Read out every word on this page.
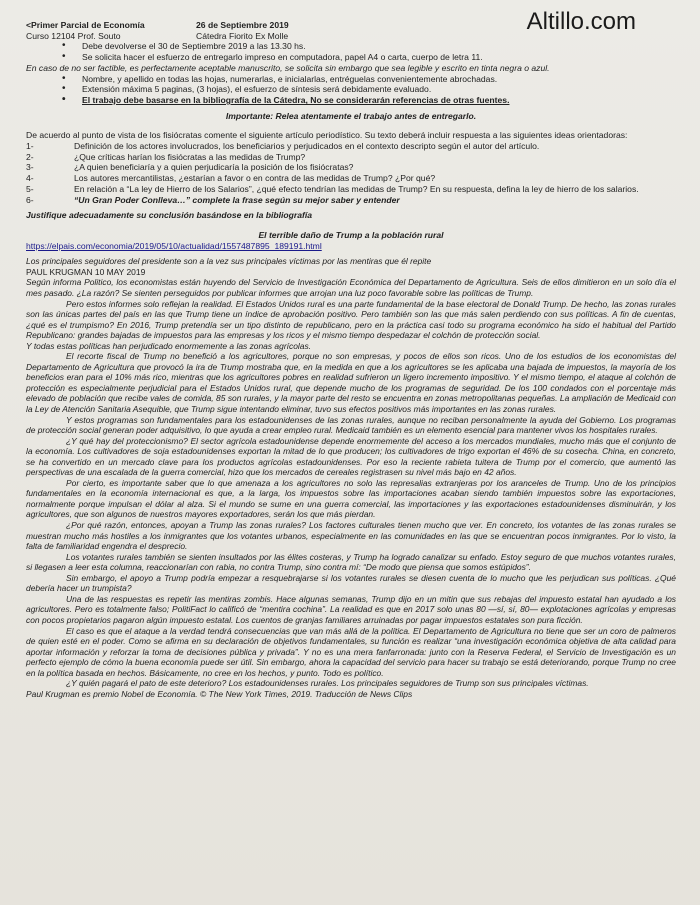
Altillo.com
<Primer Parcial de Economía	26 de Septiembre 2019
Curso 12104 Prof. Souto	Cátedra Fiorito Ex Molle
• Debe devolverse el 30 de Septiembre 2019 a las 13.30 hs.
• Se solicita hacer el esfuerzo de entregarlo impreso en computadora, papel A4 o carta, cuerpo de letra 11.
En caso de no ser factible, es perfectamente aceptable manuscrito, se solicita sin embargo que sea legible y escrito en tinta negra o azul.
• Nombre, y apellido en todas las hojas, numerarlas, e inicialarlas, entréguelas convenientemente abrochadas.
• Extensión máxima 5 paginas, (3 hojas), el esfuerzo de síntesis será debidamente evaluado.
• El trabajo debe basarse en la bibliografía de la Cátedra, No se considerarán referencias de otras fuentes.
Importante: Relea atentamente el trabajo antes de entregarlo.
De acuerdo al punto de vista de los fisiócratas comente el siguiente artículo periodístico. Su texto deberá incluir respuesta a las siguientes ideas orientadoras:
1-	Definición de los actores involucrados, los beneficiarios y perjudicados en el contexto descripto según el autor del artículo.
2-	¿Que críticas harían los fisiócratas a las medidas de Trump?
3-	¿A quien beneficiaría y a quien perjudicaría la posición de los fisiócratas?
4-	Los autores mercantilistas, ¿estarían a favor o en contra de las medidas de Trump? ¿Por qué?
5-	En relación a “La ley de Hierro de los Salarios”, ¿qué efecto tendrían las medidas de Trump? En su respuesta, defina la ley de hierro de los salarios.
6-	“Un Gran Poder Conlleva…” complete la frase según su mejor saber y entender
Justifique adecuadamente su conclusión basándose en la bibliografía
El terrible daño de Trump a la población rural
https://elpais.com/economia/2019/05/10/actualidad/1557487895_189191.html
Los principales seguidores del presidente son a la vez sus principales víctimas por las mentiras que él repite
PAUL KRUGMAN 10 MAY 2019
Según informa Politico, los economistas están huyendo del Servicio de Investigación Económica del Departamento de Agricultura. Seis de ellos dimitieron en un solo día el mes pasado. ¿La razón? Se sienten perseguidos por publicar informes que arrojan una luz poco favorable sobre las políticas de Trump.
Pero estos informes solo reflejan la realidad. El Estados Unidos rural es una parte fundamental de la base electoral de Donald Trump. De hecho, las zonas rurales son las únicas partes del país en las que Trump tiene un índice de aprobación positivo. Pero también son las que más salen perdiendo con sus políticas. A fin de cuentas, ¿qué es el trumpismo? En 2016, Trump pretendía ser un tipo distinto de republicano, pero en la práctica casi todo su programa económico ha sido el habitual del Partido Republicano: grandes bajadas de impuestos para las empresas y los ricos y el mismo tiempo despedazar el colchón de protección social.
Y todas estas políticas han perjudicado enormemente a las zonas agrícolas.
El recorte fiscal de Trump no benefició a los agricultores, porque no son empresas, y pocos de ellos son ricos. Uno de los estudios de los economistas del Departamento de Agricultura que provocó la ira de Trump mostraba que, en la medida en que a los agricultores se les aplicaba una bajada de impuestos, la mayoría de los beneficios eran para el 10% más rico, mientras que los agricultores pobres en realidad sufrieron un ligero incremento impositivo. Y el mismo tiempo, el ataque al colchón de protección es especialmente perjudicial para el Estados Unidos rural, que depende mucho de los programas de seguridad. De los 100 condados con el porcentaje más elevado de población que recibe vales de comida, 85 son rurales, y la mayor parte del resto se encuentra en zonas metropolitanas pequeñas. La ampliación de Medicaid con la Ley de Atención Sanitaria Asequible, que Trump sigue intentando eliminar, tuvo sus efectos positivos más importantes en las zonas rurales.
Y estos programas son fundamentales para los estadounidenses de las zonas rurales, aunque no reciban personalmente la ayuda del Gobierno. Los programas de protección social generan poder adquisitivo, lo que ayuda a crear empleo rural. Medicaid también es un elemento esencial para mantener vivos los hospitales rurales.
¿Y qué hay del proteccionismo? El sector agrícola estadounidense depende enormemente del acceso a los mercados mundiales, mucho más que el conjunto de la economía. Los cultivadores de soja estadounidenses exportan la mitad de lo que producen; los cultivadores de trigo exportan el 46% de su cosecha. China, en concreto, se ha convertido en un mercado clave para los productos agrícolas estadounidenses. Por eso la reciente rabieta tuitera de Trump por el comercio, que aumentó las perspectivas de una escalada de la guerra comercial, hizo que los mercados de cereales registrasen su nivel más bajo en 42 años.
Por cierto, es importante saber que lo que amenaza a los agricultores no solo las represalias extranjeras por los aranceles de Trump. Uno de los principios fundamentales en la economía internacional es que, a la larga, los impuestos sobre las importaciones acaban siendo también impuestos sobre las exportaciones, normalmente porque impulsan el dólar al alza. Si el mundo se sume en una guerra comercial, las importaciones y las exportaciones estadounidenses disminuirán, y los agricultores, que son algunos de nuestros mayores exportadores, serán los que más pierdan.
¿Por qué razón, entonces, apoyan a Trump las zonas rurales? Los factores culturales tienen mucho que ver. En concreto, los votantes de las zonas rurales se muestran mucho más hostiles a los inmigrantes que los votantes urbanos, especialmente en las comunidades en las que se encuentran pocos inmigrantes. Por lo visto, la falta de familiaridad engendra el desprecio.
Los votantes rurales también se sienten insultados por las élites costeras, y Trump ha logrado canalizar su enfado. Estoy seguro de que muchos votantes rurales, si llegasen a leer esta columna, reaccionarían con rabia, no contra Trump, sino contra mí: “De modo que piensa que somos estúpidos”.
Sin embargo, el apoyo a Trump podría empezar a resquebrajarse si los votantes rurales se diesen cuenta de lo mucho que les perjudican sus políticas. ¿Qué debería hacer un trumpista?
Una de las respuestas es repetir las mentiras zombis. Hace algunas semanas, Trump dijo en un mitin que sus rebajas del impuesto estatal han ayudado a los agricultores. Pero es totalmente falso; PolitiFact lo calificó de “mentira cochina”. La realidad es que en 2017 solo unas 80 —sí, sí, 80— explotaciones agrícolas y empresas con pocos propietarios pagaron algún impuesto estatal. Los cuentos de granjas familiares arruinadas por pagar impuestos estatales son pura ficción.
El caso es que el ataque a la verdad tendrá consecuencias que van más allá de la política. El Departamento de Agricultura no tiene que ser un coro de palmeros de quien esté en el poder. Como se afirma en su declaración de objetivos fundamentales, su función es realizar “una investigación económica objetiva de alta calidad para aportar información y reforzar la toma de decisiones pública y privada”. Y no es una mera fanfarronada: junto con la Reserva Federal, el Servicio de Investigación es un perfecto ejemplo de cómo la buena economía puede ser útil. Sin embargo, ahora la capacidad del servicio para hacer su trabajo se está deteriorando, porque Trump no cree en la política basada en hechos. Básicamente, no cree en los hechos, y punto. Todo es político.
¿Y quién pagará el pato de este deterioro? Los estadounidenses rurales. Los principales seguidores de Trump son sus principales víctimas.
Paul Krugman es premio Nobel de Economía. © The New York Times, 2019. Traducción de News Clips
